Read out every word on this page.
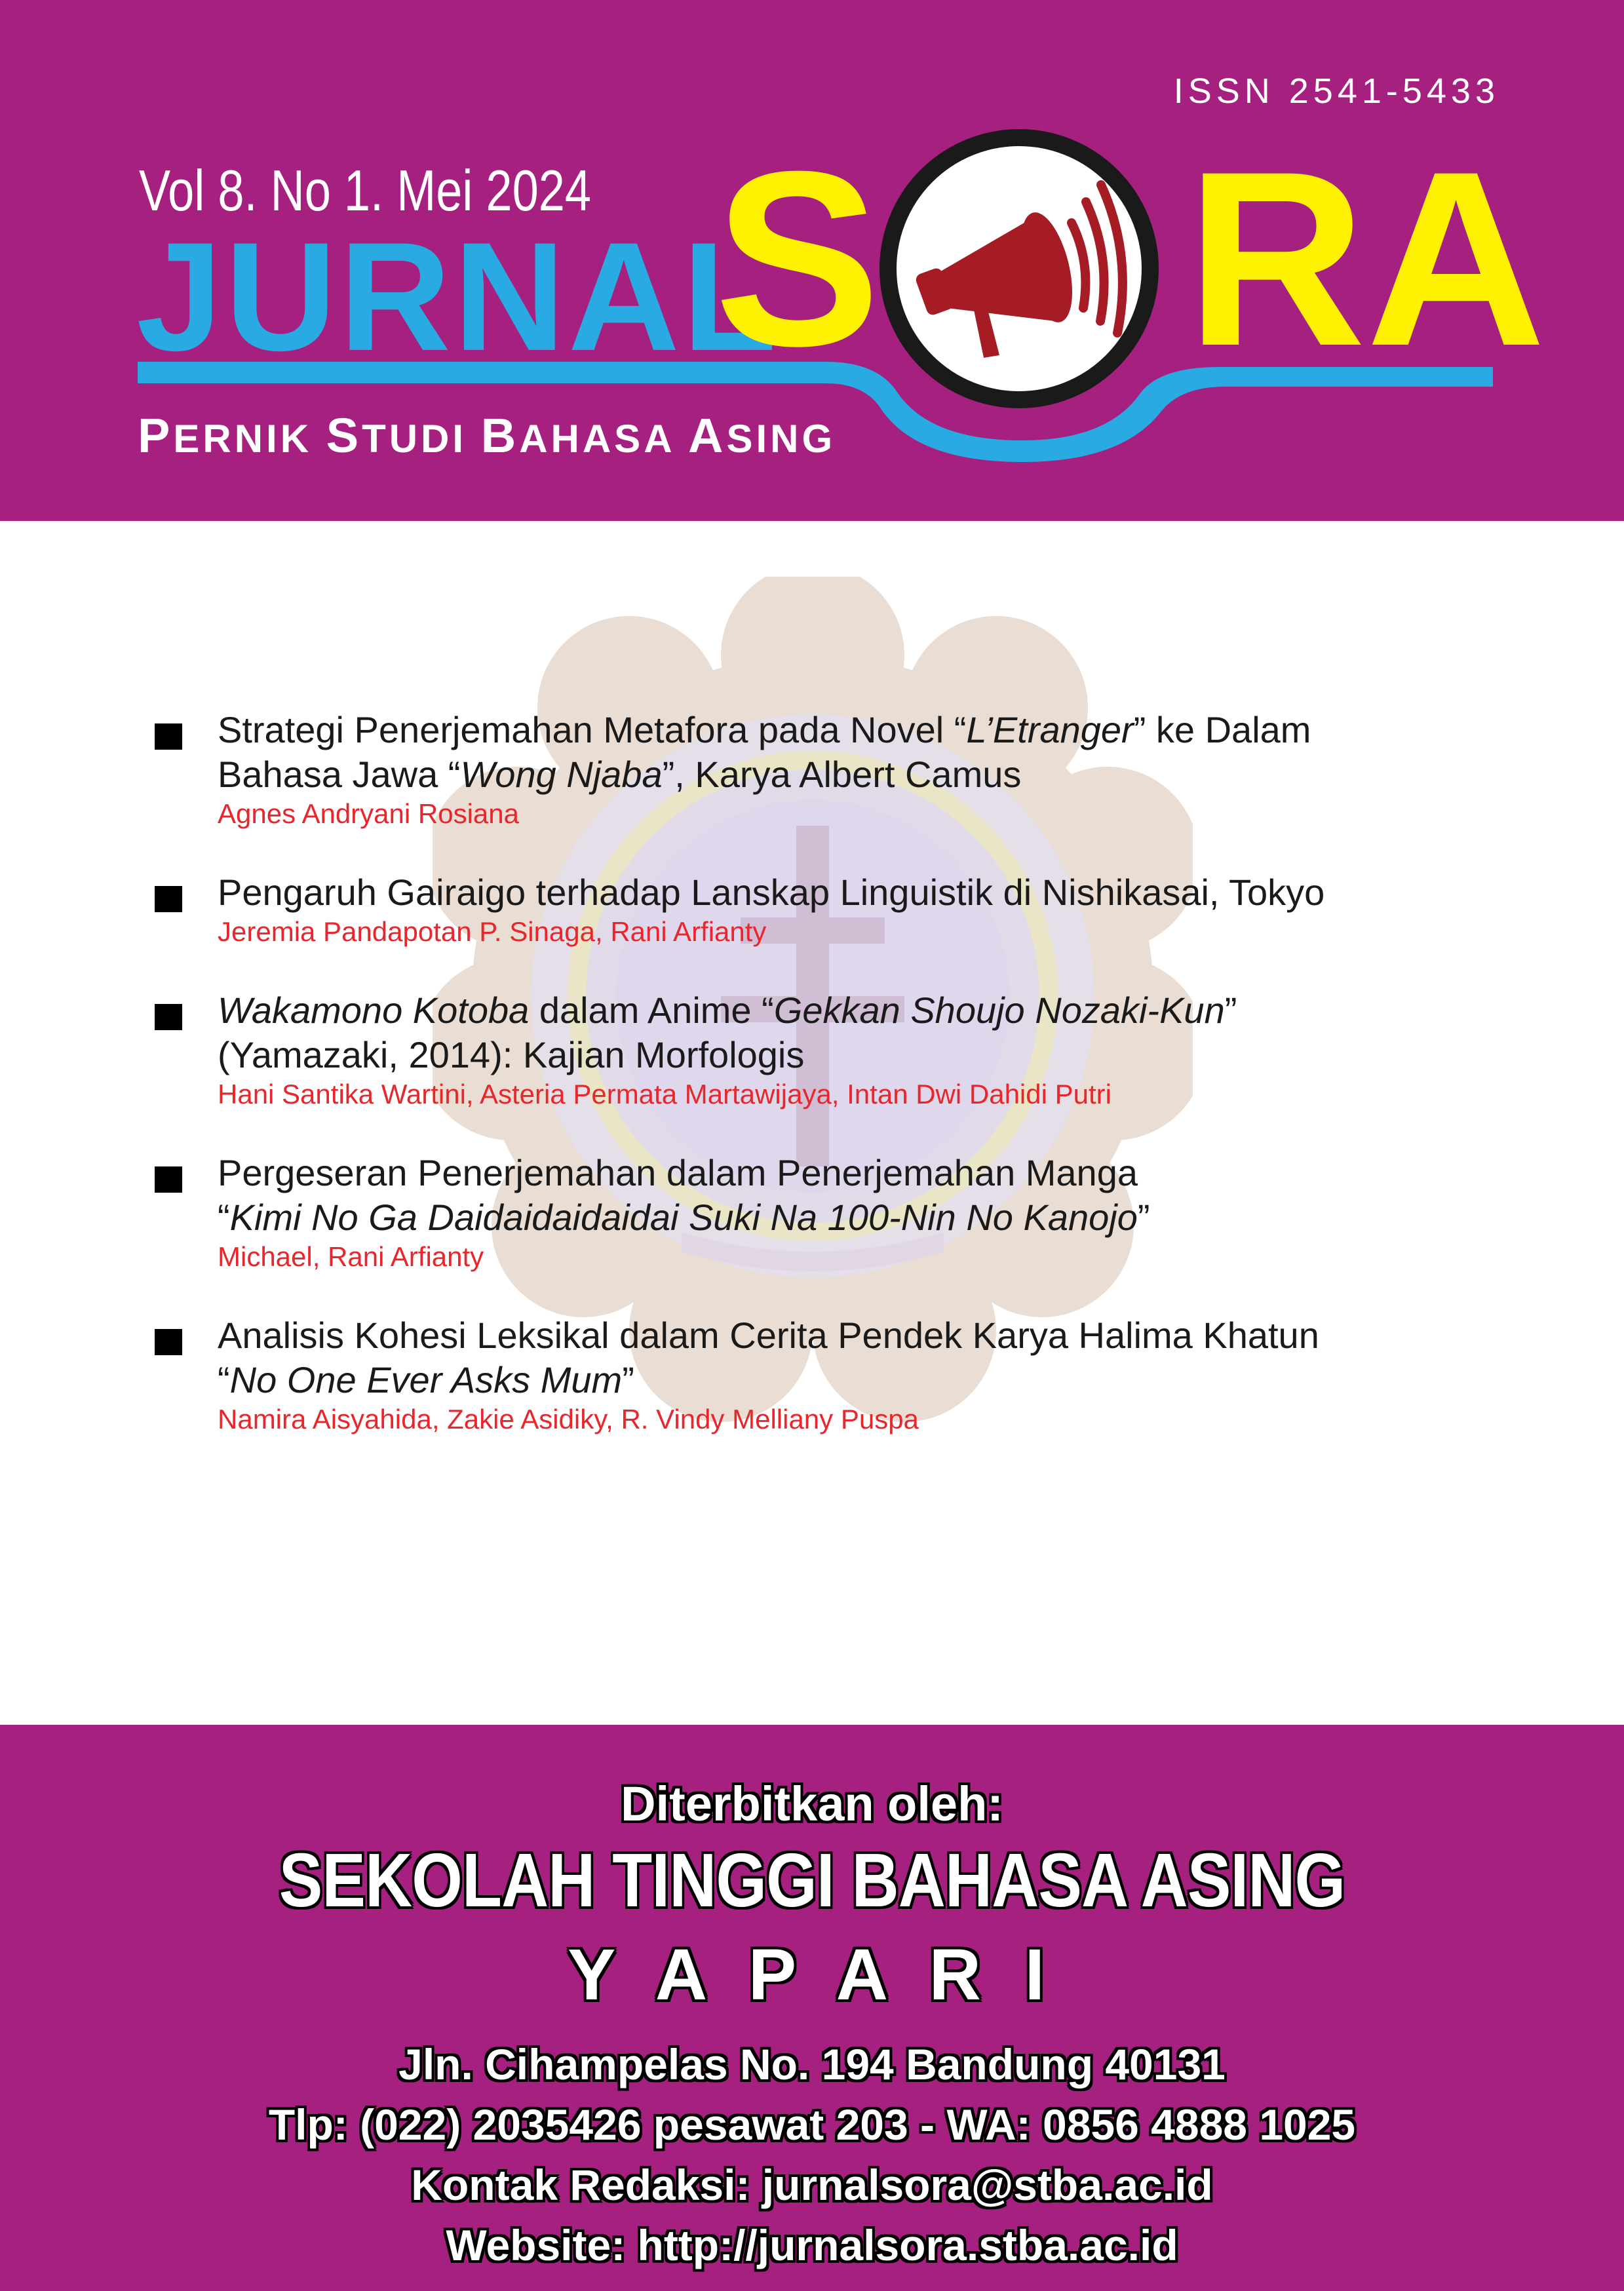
ISSN 2541-5433
Vol 8. No 1. Mei 2024
JURNAL
S RA
PERNIK STUDI BAHASA ASING
Strategi Penerjemahan Metafora pada Novel “L’Etranger” ke Dalam
Bahasa Jawa “Wong Njaba”, Karya Albert Camus
Agnes Andryani Rosiana
Pengaruh Gairaigo terhadap Lanskap Linguistik di Nishikasai, Tokyo
Jeremia Pandapotan P. Sinaga, Rani Arfianty
Wakamono Kotoba dalam Anime “Gekkan Shoujo Nozaki-Kun”
(Yamazaki, 2014): Kajian Morfologis
Hani Santika Wartini, Asteria Permata Martawijaya, Intan Dwi Dahidi Putri
Pergeseran Penerjemahan dalam Penerjemahan Manga
“Kimi No Ga Daidaidaidaidai Suki Na 100-Nin No Kanojo”
Michael, Rani Arfianty
Analisis Kohesi Leksikal dalam Cerita Pendek Karya Halima Khatun
“No One Ever Asks Mum”
Namira Aisyahida, Zakie Asidiky, R. Vindy Melliany Puspa
Diterbitkan oleh:
SEKOLAH TINGGI BAHASA ASING
Y A P A R I
Jln. Cihampelas No. 194 Bandung 40131
Tlp: (022) 2035426 pesawat 203 - WA: 0856 4888 1025
Kontak Redaksi: jurnalsora@stba.ac.id
Website: http://jurnalsora.stba.ac.id
